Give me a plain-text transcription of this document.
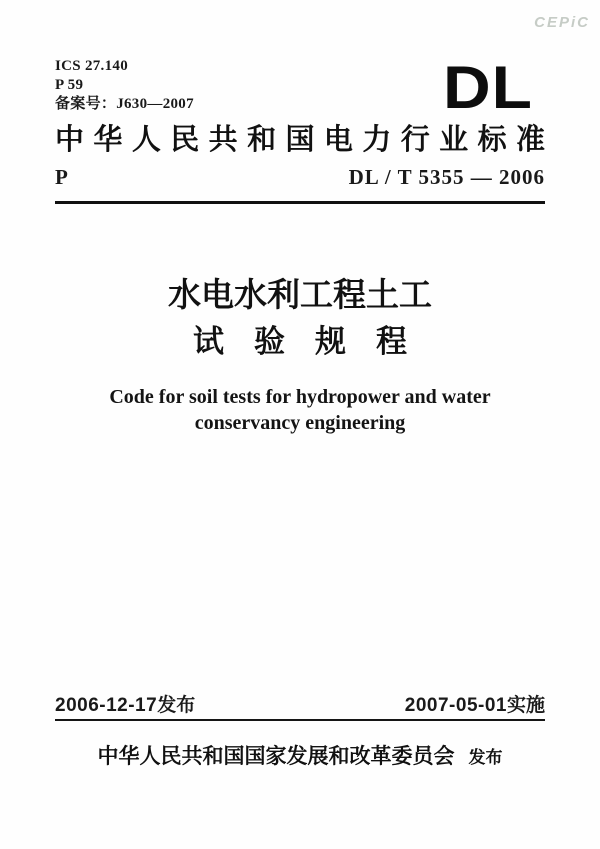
CEPiC
ICS 27.140
P 59
备案号：J630—2007	DL
中华人民共和国电力行业标准
P	DL / T 5355 — 2006
水电水利工程土工
试验规程
Code for soil tests for hydropower and water
conservancy engineering
2006-12-17发布	2007-05-01实施
中华人民共和国国家发展和改革委员会 发布
